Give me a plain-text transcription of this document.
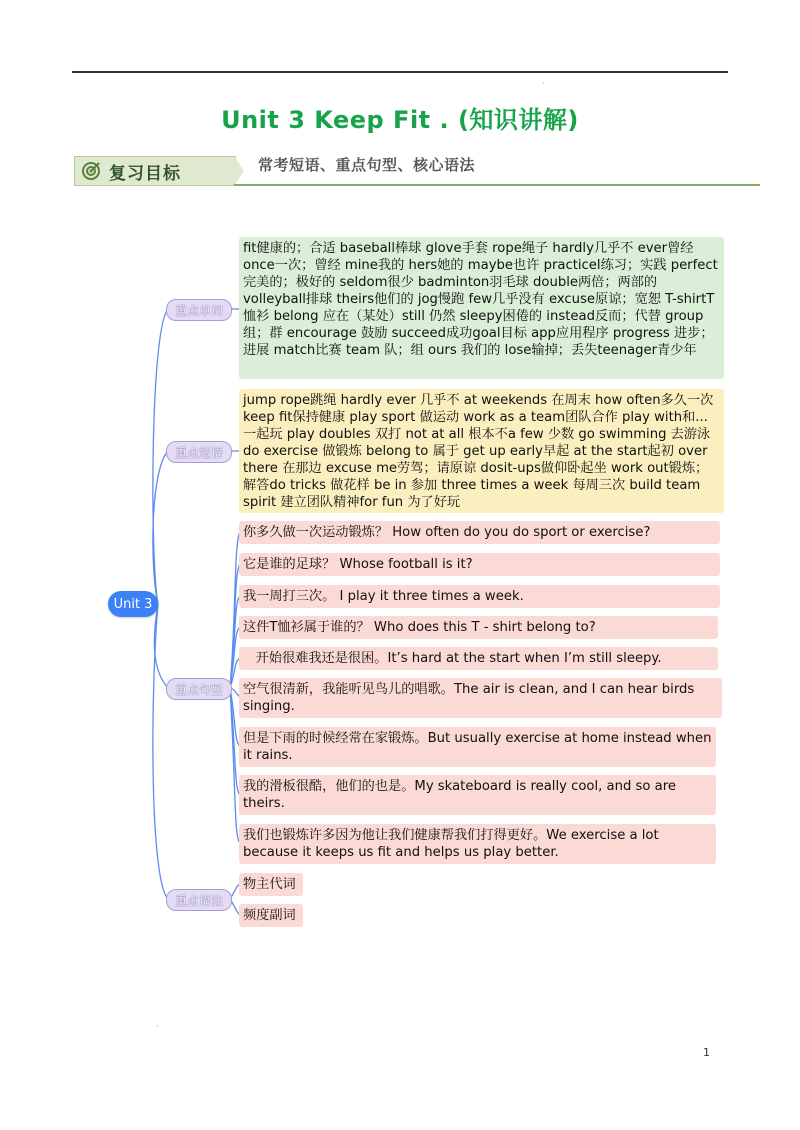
·
Unit 3 Keep Fit . (知识讲解)
复习目标	常考短语、重点句型、核心语法
Unit 3
重点单词
重点短语
重点句型
重点语法
fit健康的；合适 baseball棒球 glove手套 rope绳子 hardly几乎不 ever曾经 once一次；曾经 mine我的 hers她的 maybe也许 practicel练习；实践 perfect完美的；极好的 seldom很少 badminton羽毛球 double两倍；两部的 volleyball排球 theirs他们的 jog慢跑 few几乎没有 excuse原谅；宽恕 T-shirtT恤衫 belong 应在（某处）still 仍然 sleepy困倦的 instead反而；代替 group组；群 encourage 鼓励 succeed成功goal目标 app应用程序 progress 进步；进展 match比赛 team 队；组 ours 我们的 lose输掉；丢失teenager青少年
jump rope跳绳 hardly ever 几乎不 at weekends 在周末 how often多久一次 keep fit保持健康 play sport 做运动 work as a team团队合作 play with和...一起玩 play doubles 双打 not at all 根本不a few 少数 go swimming 去游泳 do exercise 做锻炼 belong to 属于 get up early早起 at the start起初 over there 在那边 excuse me劳驾；请原谅 dosit-ups做仰卧起坐 work out锻炼；解答do tricks 做花样 be in 参加 three times a week 每周三次 build team spirit 建立团队精神for fun 为了好玩
你多久做一次运动锻炼？ How often do you do sport or exercise?
它是谁的足球？ Whose football is it?
我一周打三次。 I play it three times a week.
这件T恤衫属于谁的？ Who does this T - shirt belong to?
开始很难我还是很困。It’s hard at the start when I’m still sleepy.
空气很清新，我能听见鸟儿的唱歌。The air is clean, and I can hear birds singing.
但是下雨的时候经常在家锻炼。But usually exercise at home instead when it rains.
我的滑板很酷，他们的也是。My skateboard is really cool, and so are theirs.
我们也锻炼许多因为他让我们健康帮我们打得更好。We exercise a lot because it keeps us fit and helps us play better.
物主代词
频度副词
·
1
